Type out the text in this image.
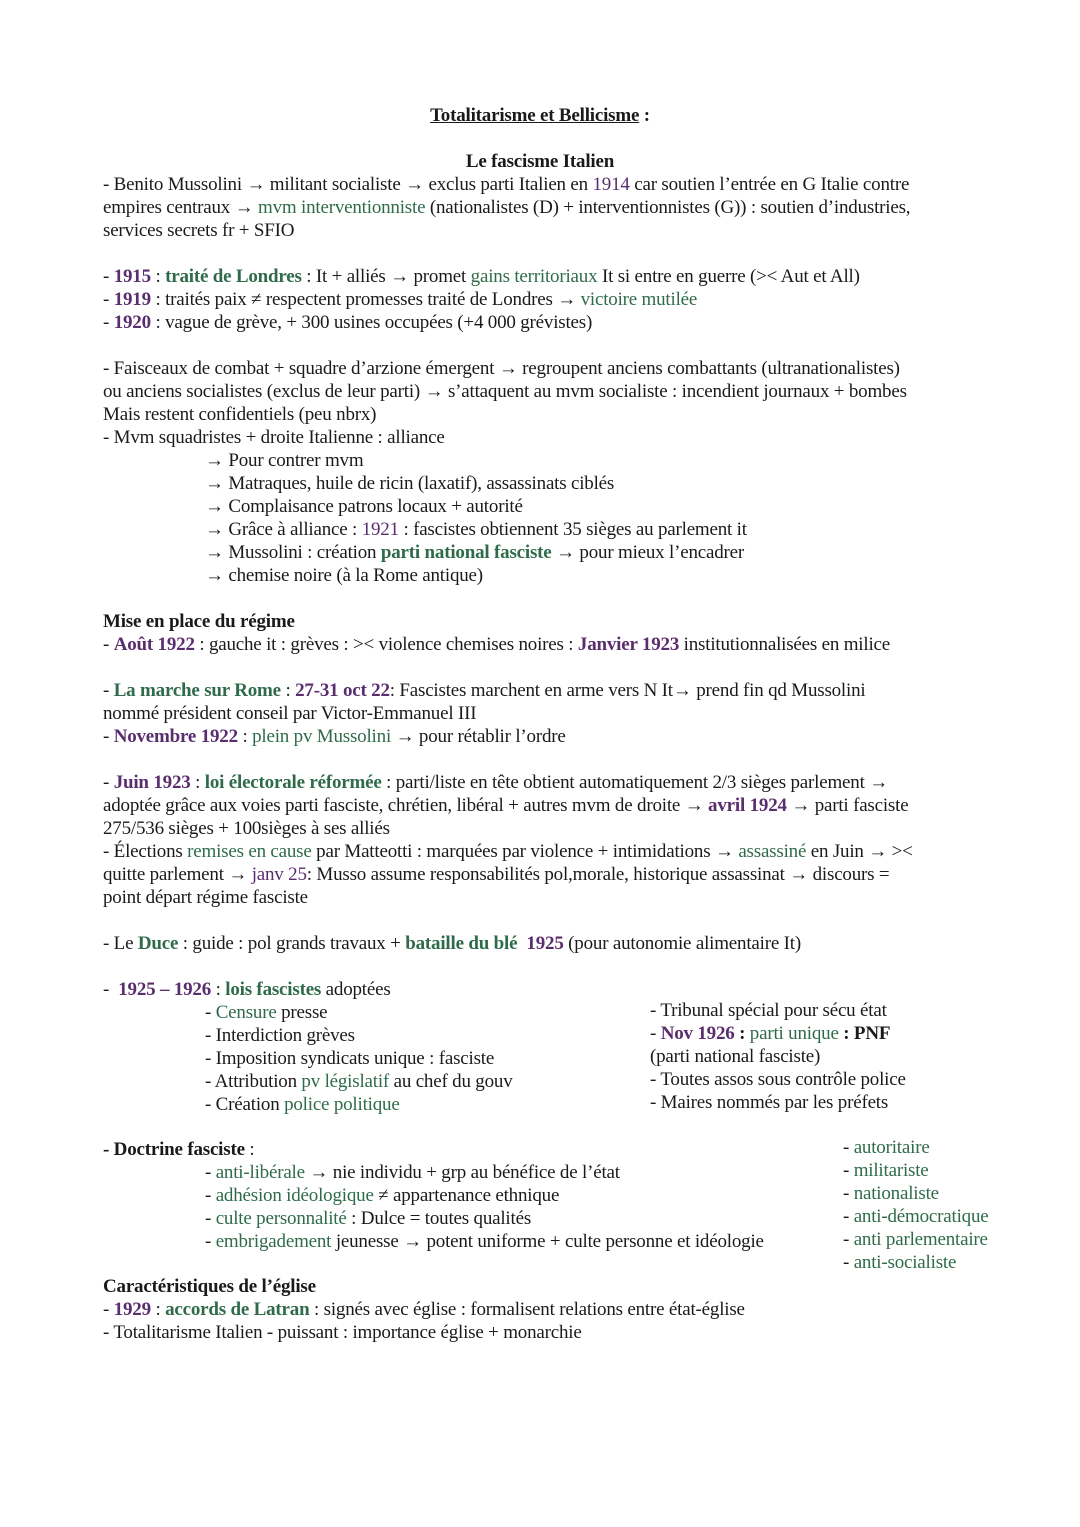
Totalitarisme et Bellicisme :
Le fascisme Italien
- Benito Mussolini → militant socialiste → exclus parti Italien en 1914 car soutien l’entrée en G Italie contre
empires centraux → mvm interventionniste (nationalistes (D) + interventionnistes (G)) : soutien d’industries,
services secrets fr + SFIO
- 1915 : traité de Londres : It + alliés → promet gains territoriaux It si entre en guerre (>< Aut et All)
- 1919 : traités paix ≠ respectent promesses traité de Londres → victoire mutilée
- 1920 : vague de grève, + 300 usines occupées (+4 000 grévistes)
- Faisceaux de combat + squadre d’arzione émergent → regroupent anciens combattants (ultranationalistes)
ou anciens socialistes (exclus de leur parti) → s’attaquent au mvm socialiste : incendient journaux + bombes
Mais restent confidentiels (peu nbrx)
- Mvm squadristes + droite Italienne : alliance
→ Pour contrer mvm
→ Matraques, huile de ricin (laxatif), assassinats ciblés
→ Complaisance patrons locaux + autorité
→ Grâce à alliance : 1921 : fascistes obtiennent 35 sièges au parlement it
→ Mussolini : création parti national fasciste → pour mieux l’encadrer
→ chemise noire (à la Rome antique)
Mise en place du régime
- Août 1922 : gauche it : grèves : >< violence chemises noires : Janvier 1923 institutionnalisées en milice
- La marche sur Rome : 27-31 oct 22: Fascistes marchent en arme vers N It→ prend fin qd Mussolini
nommé président conseil par Victor-Emmanuel III
- Novembre 1922 : plein pv Mussolini → pour rétablir l’ordre
- Juin 1923 : loi électorale réformée : parti/liste en tête obtient automatiquement 2/3 sièges parlement →
adoptée grâce aux voies parti fasciste, chrétien, libéral + autres mvm de droite → avril 1924 → parti fasciste
275/536 sièges + 100sièges à ses alliés
- Élections remises en cause par Matteotti : marquées par violence + intimidations → assassiné en Juin → ><
quitte parlement → janv 25: Musso assume responsabilités pol,morale, historique assassinat → discours =
point départ régime fasciste
- Le Duce : guide : pol grands travaux + bataille du blé 1925 (pour autonomie alimentaire It)
-  1925 – 1926 : lois fascistes adoptées
- Censure presse
- Interdiction grèves
- Imposition syndicats unique : fasciste
- Attribution pv législatif au chef du gouv
- Création police politique
- Tribunal spécial pour sécu état
- Nov 1926 : parti unique : PNF
(parti national fasciste)
- Toutes assos sous contrôle police
- Maires nommés par les préfets
- Doctrine fasciste :
- anti-libérale → nie individu + grp au bénéfice de l’état
- adhésion idéologique ≠ appartenance ethnique
- culte personnalité : Dulce = toutes qualités
- embrigadement jeunesse → potent uniforme + culte personne et idéologie
- autoritaire
- militariste
- nationaliste
- anti-démocratique
- anti parlementaire
- anti-socialiste
Caractéristiques de l’église
- 1929 : accords de Latran : signés avec église : formalisent relations entre état-église
- Totalitarisme Italien - puissant : importance église + monarchie
